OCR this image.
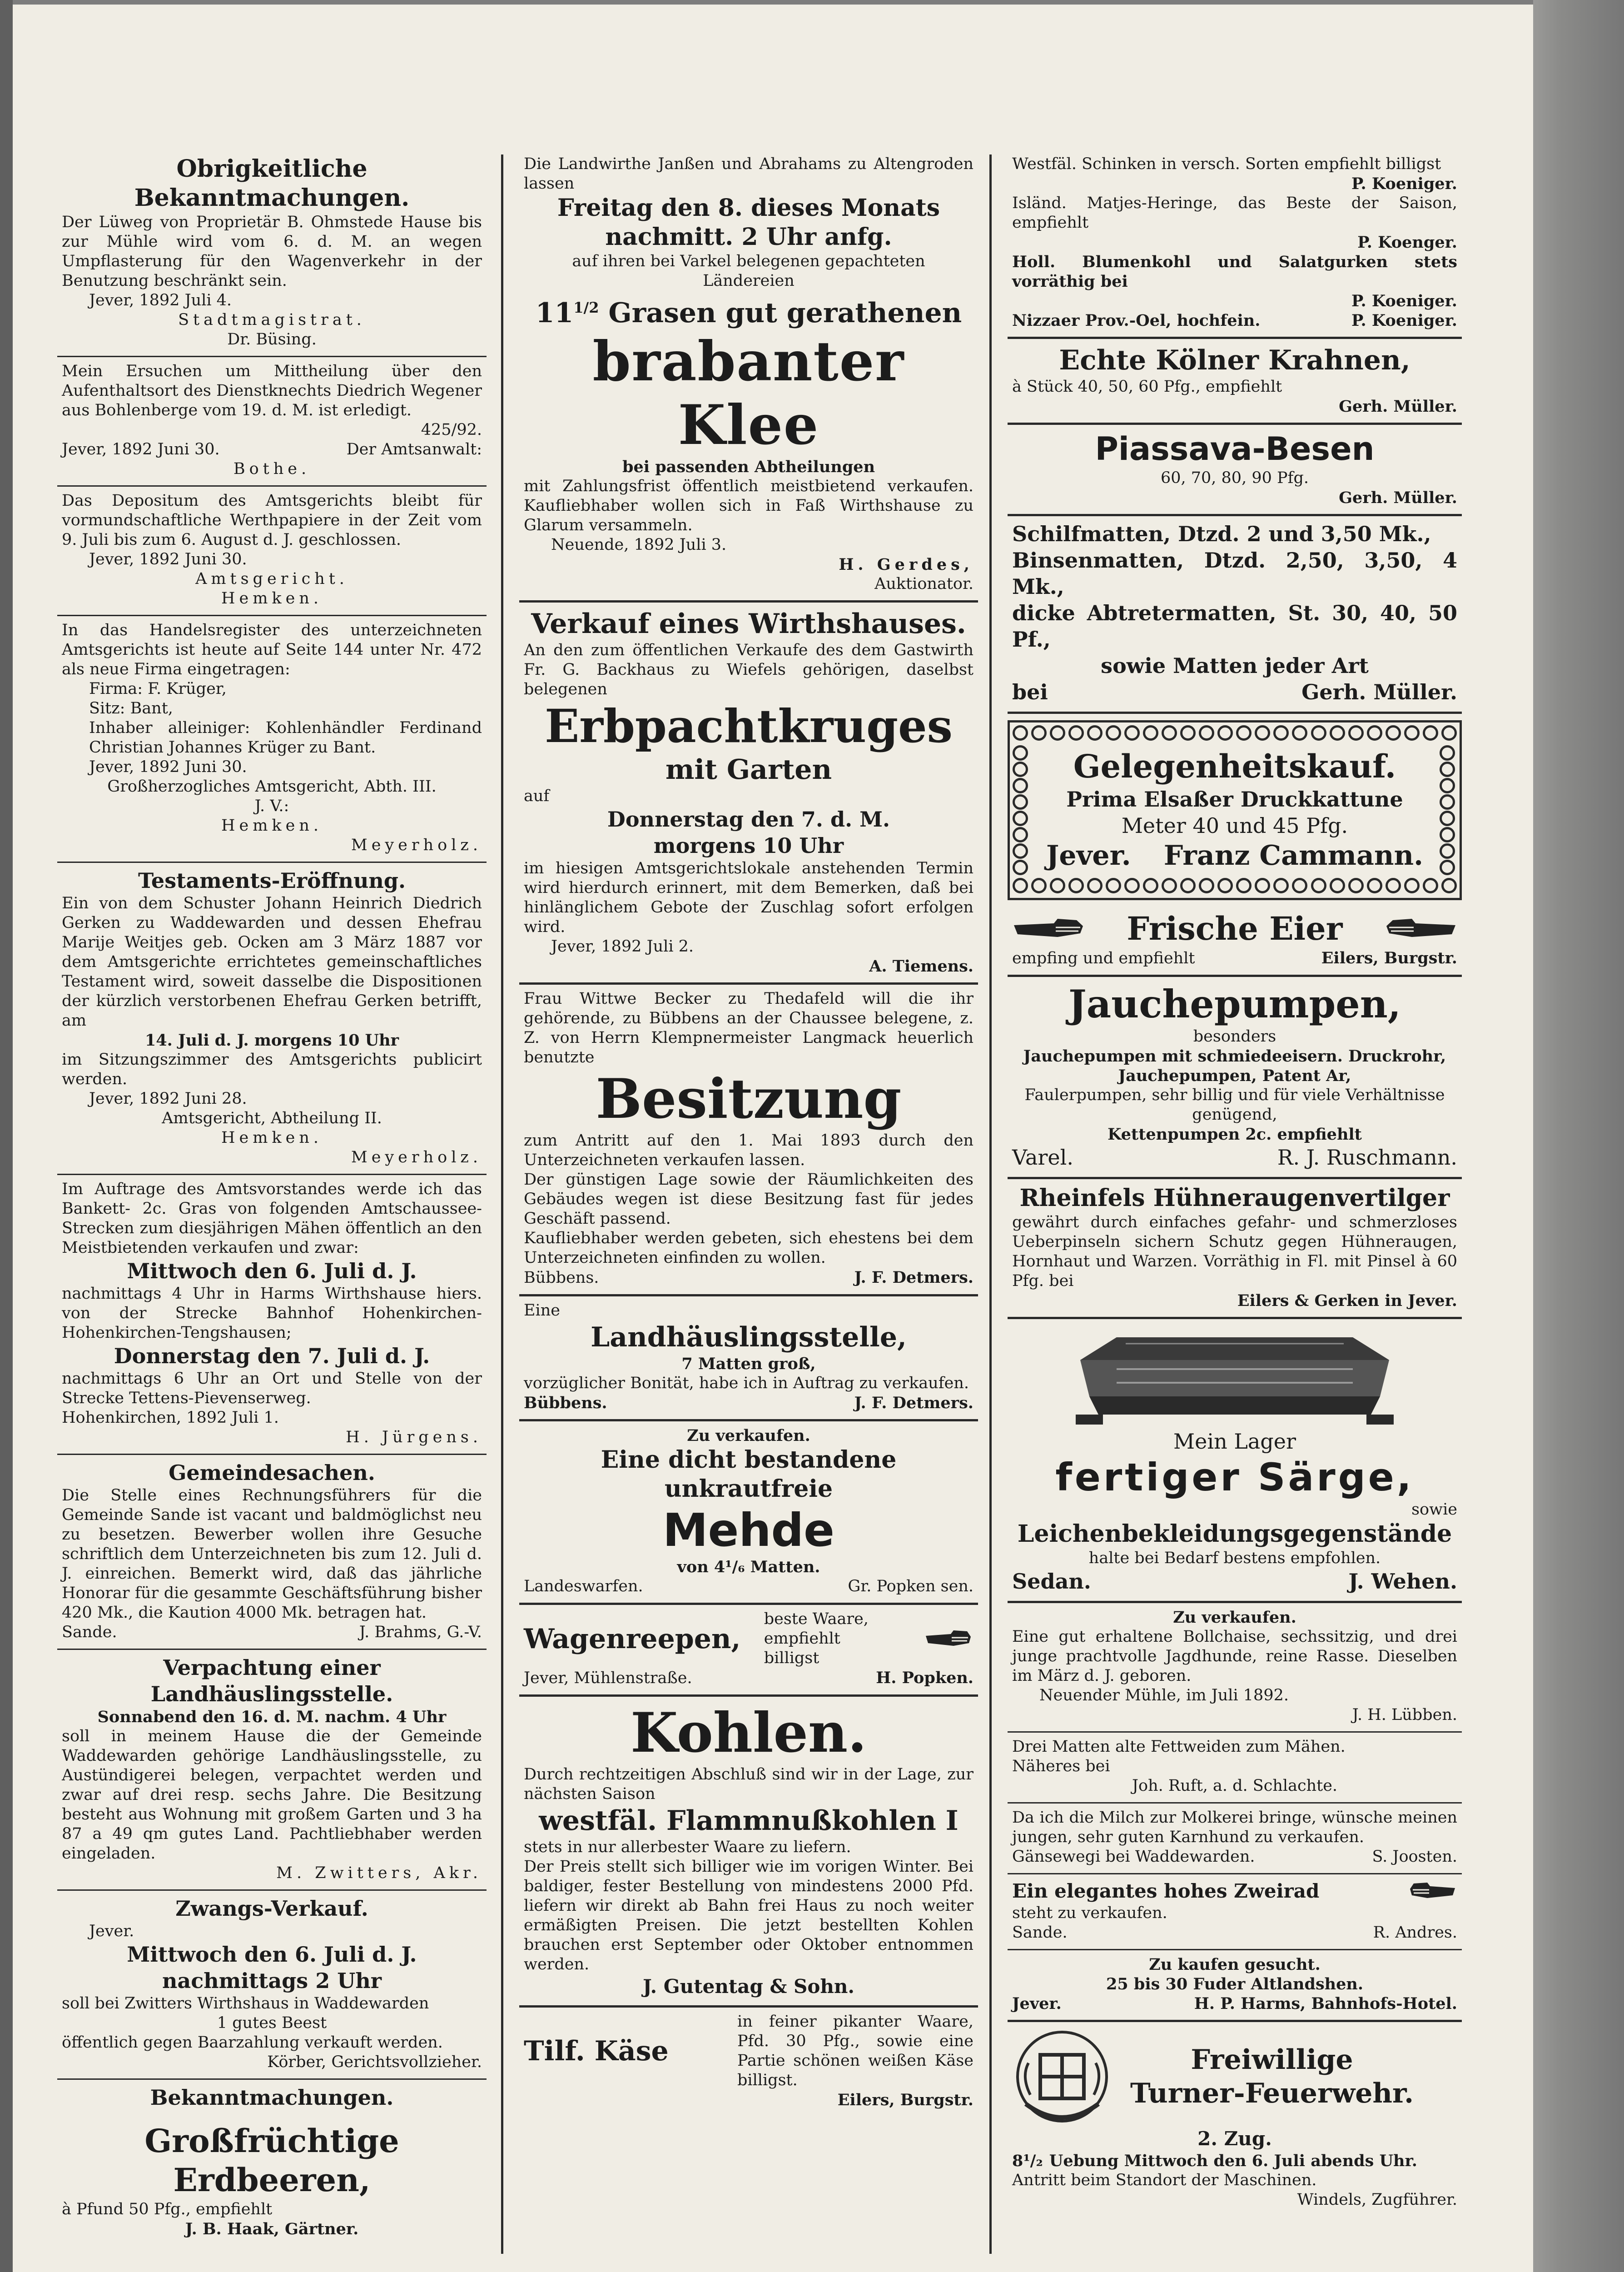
Obrigkeitliche Bekanntmachungen.

Der Lüweg von Proprietär B. Ohmstede Hause bis zur Mühle wird vom 6. d. M. an wegen Umpflasterung für den Wagenverkehr in der Benutzung beschränkt sein.

Jever, 1892 Juli 4.

Stadtmagistrat.

Dr. Büsing.

Mein Ersuchen um Mittheilung über den Aufenthaltsort des Dienstknechts Diedrich Wegener aus Bohlenberge vom 19. d. M. ist erledigt.

425/92.

Jever, 1892 Juni 30.	Der Amtsanwalt:

Bothe.

Das Depositum des Amtsgerichts bleibt für vormundschaftliche Werthpapiere in der Zeit vom 9. Juli bis zum 6. August d. J. geschlossen.

Jever, 1892 Juni 30.

Amtsgericht.

Hemken.

In das Handelsregister des unterzeichneten Amtsgerichts ist heute auf Seite 144 unter Nr. 472 als neue Firma eingetragen:

Firma: F. Krüger,

Sitz: Bant,

Inhaber alleiniger: Kohlenhändler Ferdinand Christian Johannes Krüger zu Bant.

Jever, 1892 Juni 30.

Großherzogliches Amtsgericht, Abth. III.

J. V.:

Hemken.

Meyerholz.

Testaments-Eröffnung.

Ein von dem Schuster Johann Heinrich Diedrich Gerken zu Waddewarden und dessen Ehefrau Marije Weitjes geb. Ocken am 3 März 1887 vor dem Amtsgerichte errichtetes gemeinschaftliches Testament wird, soweit dasselbe die Dispositionen der kürzlich verstorbenen Ehefrau Gerken betrifft, am

14. Juli d. J. morgens 10 Uhr

im Sitzungszimmer des Amtsgerichts publicirt werden.

Jever, 1892 Juni 28.

Amtsgericht, Abtheilung II.

Hemken.

Meyerholz.

Im Auftrage des Amtsvorstandes werde ich das Bankett- 2c. Gras von folgenden Amtschaussee-Strecken zum diesjährigen Mähen öffentlich an den Meistbietenden verkaufen und zwar:

Mittwoch den 6. Juli d. J.

nachmittags 4 Uhr in Harms Wirthshause hiers. von der Strecke Bahnhof Hohenkirchen-Hohenkirchen-Tengshausen;

Donnerstag den 7. Juli d. J.

nachmittags 6 Uhr an Ort und Stelle von der Strecke Tettens-Pievenserweg.

Hohenkirchen, 1892 Juli 1.

H. Jürgens.

Gemeindesachen.

Die Stelle eines Rechnungsführers für die Gemeinde Sande ist vacant und baldmöglichst neu zu besetzen. Bewerber wollen ihre Gesuche schriftlich dem Unterzeichneten bis zum 12. Juli d. J. einreichen. Bemerkt wird, daß das jährliche Honorar für die gesammte Geschäftsführung bisher 420 Mk., die Kaution 4000 Mk. betragen hat.

Sande.	J. Brahms, G.-V.

Verpachtung einer Landhäuslingsstelle.

Sonnabend den 16. d. M. nachm. 4 Uhr

soll in meinem Hause die der Gemeinde Waddewarden gehörige Landhäuslingsstelle, zu Austündigerei belegen, verpachtet werden und zwar auf drei resp. sechs Jahre. Die Besitzung besteht aus Wohnung mit großem Garten und 3 ha 87 a 49 qm gutes Land. Pachtliebhaber werden eingeladen.

M. Zwitters, Akr.

Zwangs-Verkauf.

Jever.

Mittwoch den 6. Juli d. J.

nachmittags 2 Uhr

soll bei Zwitters Wirthshaus in Waddewarden

1 gutes Beest

öffentlich gegen Baarzahlung verkauft werden.

Körber, Gerichtsvollzieher.

Bekanntmachungen.

Großfrüchtige Erdbeeren,

à Pfund 50 Pfg., empfiehlt

J. B. Haak, Gärtner.

Die Landwirthe Janßen und Abrahams zu Altengroden lassen

Freitag den 8. dieses Monats

nachmitt. 2 Uhr anfg.

auf ihren bei Varkel belegenen gepachteten Ländereien

$11^{1/2}$ Grasen gut gerathenen

brabanter Klee

bei passenden Abtheilungen

mit Zahlungsfrist öffentlich meistbietend verkaufen. Kaufliebhaber wollen sich in Faß Wirthshause zu Glarum versammeln.

Neuende, 1892 Juli 3.

H. Gerdes,

Auktionator.

Verkauf eines Wirthshauses.

An den zum öffentlichen Verkaufe des dem Gastwirth Fr. G. Backhaus zu Wiefels gehörigen, daselbst belegenen

Erbpachtkruges

mit Garten

auf

Donnerstag den 7. d. M.

morgens 10 Uhr

im hiesigen Amtsgerichtslokale anstehenden Termin wird hierdurch erinnert, mit dem Bemerken, daß bei hinlänglichem Gebote der Zuschlag sofort erfolgen wird.

Jever, 1892 Juli 2.

A. Tiemens.

Frau Wittwe Becker zu Thedafeld will die ihr gehörende, zu Bübbens an der Chaussee belegene, z. Z. von Herrn Klempnermeister Langmack heuerlich benutzte

Besitzung

zum Antritt auf den 1. Mai 1893 durch den Unterzeichneten verkaufen lassen.

Der günstigen Lage sowie der Räumlichkeiten des Gebäudes wegen ist diese Besitzung fast für jedes Geschäft passend.

Kaufliebhaber werden gebeten, sich ehestens bei dem Unterzeichneten einfinden zu wollen.

Bübbens.	J. F. Detmers.

Eine

Landhäuslingsstelle,

7 Matten groß,

vorzüglicher Bonität, habe ich in Auftrag zu verkaufen.

Bübbens.	J. F. Detmers.

Zu verkaufen.

Eine dicht bestandene unkrautfreie

Mehde

von 4¹/₆ Matten.

Landeswarfen.	Gr. Popken sen.

Wagenreepen,

beste Waare, empfiehlt billigst

Jever, Mühlenstraße.	H. Popken.

Kohlen.

Durch rechtzeitigen Abschluß sind wir in der Lage, zur nächsten Saison

westfäl. Flammnußkohlen I

stets in nur allerbester Waare zu liefern.

Der Preis stellt sich billiger wie im vorigen Winter. Bei baldiger, fester Bestellung von mindestens 2000 Pfd. liefern wir direkt ab Bahn frei Haus zu noch weiter ermäßigten Preisen. Die jetzt bestellten Kohlen brauchen erst September oder Oktober entnommen werden.

J. Gutentag & Sohn.

Tilf. Käse

in feiner pikanter Waare, Pfd. 30 Pfg., sowie eine Partie schönen weißen Käse billigst.

Eilers, Burgstr.

Westfäl. Schinken in versch. Sorten empfiehlt billigst

P. Koeniger.

Isländ. Matjes-Heringe, das Beste der Saison, empfiehlt

P. Koenger.

Holl. Blumenkohl und Salatgurken stets vorräthig bei

P. Koeniger.

Nizzaer Prov.-Oel, hochfein.	P. Koeniger.

Echte Kölner Krahnen,

à Stück 40, 50, 60 Pfg., empfiehlt

Gerh. Müller.

Piassava-Besen

60, 70, 80, 90 Pfg.

Gerh. Müller.

Schilfmatten, Dtzd. 2 und 3,50 Mk.,

Binsenmatten, Dtzd. 2,50, 3,50, 4 Mk.,

dicke Abtretermatten, St. 30, 40, 50 Pf.,

sowie Matten jeder Art

bei	Gerh. Müller.

Gelegenheitskauf.

Prima Elsaßer Druckkattune

Meter 40 und 45 Pfg.

Jever. Franz Cammann.

Frische Eier

empfing und empfiehlt	Eilers, Burgstr.

Jauchepumpen,

besonders

Jauchepumpen mit schmiedeeisern. Druckrohr,

Jauchepumpen, Patent Ar,

Faulerpumpen, sehr billig und für viele Verhältnisse genügend,

Kettenpumpen 2c. empfiehlt

Varel.	R. J. Ruschmann.

Rheinfels Hühneraugenvertilger

gewährt durch einfaches gefahr- und schmerzloses Ueberpinseln sichern Schutz gegen Hühneraugen, Hornhaut und Warzen. Vorräthig in Fl. mit Pinsel à 60 Pfg. bei

Eilers & Gerken in Jever.

Mein Lager

fertiger Särge,

sowie

Leichenbekleidungsgegenstände

halte bei Bedarf bestens empfohlen.

Sedan.	J. Wehen.

Zu verkaufen.

Eine gut erhaltene Bollchaise, sechssitzig, und drei junge prachtvolle Jagdhunde, reine Rasse. Dieselben im März d. J. geboren.

Neuender Mühle, im Juli 1892.

J. H. Lübben.

Drei Matten alte Fettweiden zum Mähen.

Näheres bei

Joh. Ruft, a. d. Schlachte.

Da ich die Milch zur Molkerei bringe, wünsche meinen jungen, sehr guten Karnhund zu verkaufen.

Gänsewegi bei Waddewarden.	S. Joosten.

Ein elegantes hohes Zweirad

steht zu verkaufen.

Sande.	R. Andres.

Zu kaufen gesucht.

25 bis 30 Fuder Altlandshen.

Jever.	H. P. Harms, Bahnhofs-Hotel.

Freiwillige

Turner-Feuerwehr.

2. Zug.

8¹/₂ Uebung Mittwoch den 6. Juli abends Uhr.

Antritt beim Standort der Maschinen.

Windels, Zugführer.
